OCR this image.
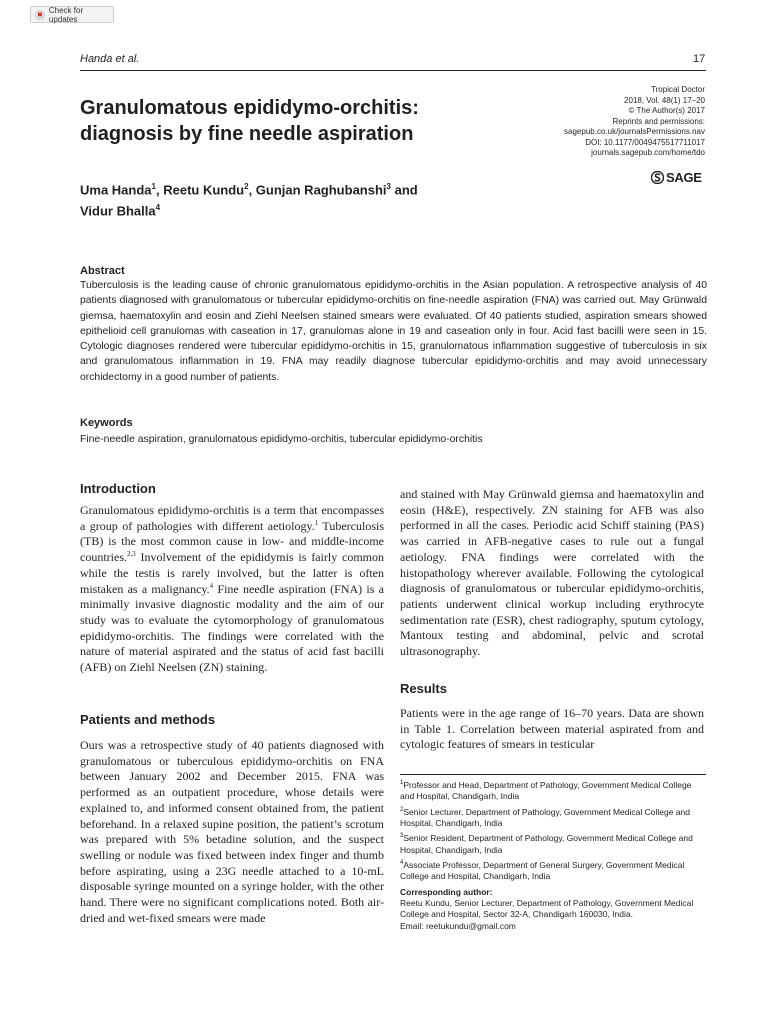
Check for updates
Handa et al.	17
Granulomatous epididymo-orchitis: diagnosis by fine needle aspiration
Tropical Doctor
2018, Vol. 48(1) 17–20
© The Author(s) 2017
Reprints and permissions:
sagepub.co.uk/journalsPermissions.nav
DOI: 10.1177/0049475517711017
journals.sagepub.com/home/tdo
SAGE
Uma Handa$^1$, Reetu Kundu$^2$, Gunjan Raghubanshi$^3$ and
Vidur Bhalla$^4$
Abstract
Tuberculosis is the leading cause of chronic granulomatous epididymo-orchitis in the Asian population. A retrospective analysis of 40 patients diagnosed with granulomatous or tubercular epididymo-orchitis on fine-needle aspiration (FNA) was carried out. May Grünwald giemsa, haematoxylin and eosin and Ziehl Neelsen stained smears were evaluated. Of 40 patients studied, aspiration smears showed epithelioid cell granulomas with caseation in 17, granulomas alone in 19 and caseation only in four. Acid fast bacilli were seen in 15. Cytologic diagnoses rendered were tubercular epididymo-orchitis in 15, granulomatous inflammation suggestive of tuberculosis in six and granulomatous inflammation in 19. FNA may readily diagnose tubercular epididymo-orchitis and may avoid unnecessary orchidectomy in a good number of patients.
Keywords
Fine-needle aspiration, granulomatous epididymo-orchitis, tubercular epididymo-orchitis
Introduction

Granulomatous epididymo-orchitis is a term that encompasses a group of pathologies with different aetiology.$^1$ Tuberculosis (TB) is the most common cause in low- and middle-income countries.$^{2,3}$ Involvement of the epididymis is fairly common while the testis is rarely involved, but the latter is often mistaken as a malignancy.$^4$ Fine needle aspiration (FNA) is a minimally invasive diagnostic modality and the aim of our study was to evaluate the cytomorphology of granulomatous epididymo-orchitis. The findings were correlated with the nature of material aspirated and the status of acid fast bacilli (AFB) on Ziehl Neelsen (ZN) staining.

Patients and methods

Ours was a retrospective study of 40 patients diagnosed with granulomatous or tuberculous epididymo-orchitis on FNA between January 2002 and December 2015. FNA was performed as an outpatient procedure, whose details were explained to, and informed consent obtained from, the patient beforehand. In a relaxed supine position, the patient’s scrotum was prepared with 5% betadine solution, and the suspect swelling or nodule was fixed between index finger and thumb before aspirating, using a 23G needle attached to a 10-mL disposable syringe mounted on a syringe holder, with the other hand. There were no significant complications noted. Both air-dried and wet-fixed smears were made

and stained with May Grünwald giemsa and haematoxylin and eosin (H&E), respectively. ZN staining for AFB was also performed in all the cases. Periodic acid Schiff staining (PAS) was carried in AFB-negative cases to rule out a fungal aetiology. FNA findings were correlated with the histopathology wherever available. Following the cytological diagnosis of granulomatous or tubercular epididymo-orchitis, patients underwent clinical workup including erythrocyte sedimentation rate (ESR), chest radiography, sputum cytology, Mantoux testing and abdominal, pelvic and scrotal ultrasonography.

Results

Patients were in the age range of 16–70 years. Data are shown in Table 1. Correlation between material aspirated from and cytologic features of smears in testicular

$^1$Professor and Head, Department of Pathology, Government Medical College and Hospital, Chandigarh, India
$^2$Senior Lecturer, Department of Pathology, Government Medical College and Hospital, Chandigarh, India
$^3$Senior Resident, Department of Pathology, Government Medical College and Hospital, Chandigarh, India
$^4$Associate Professor, Department of General Surgery, Government Medical College and Hospital, Chandigarh, India
Corresponding author:
Reetu Kundu, Senior Lecturer, Department of Pathology, Government Medical College and Hospital, Sector 32-A, Chandigarh 160030, India.
Email: reetukundu@gmail.com
